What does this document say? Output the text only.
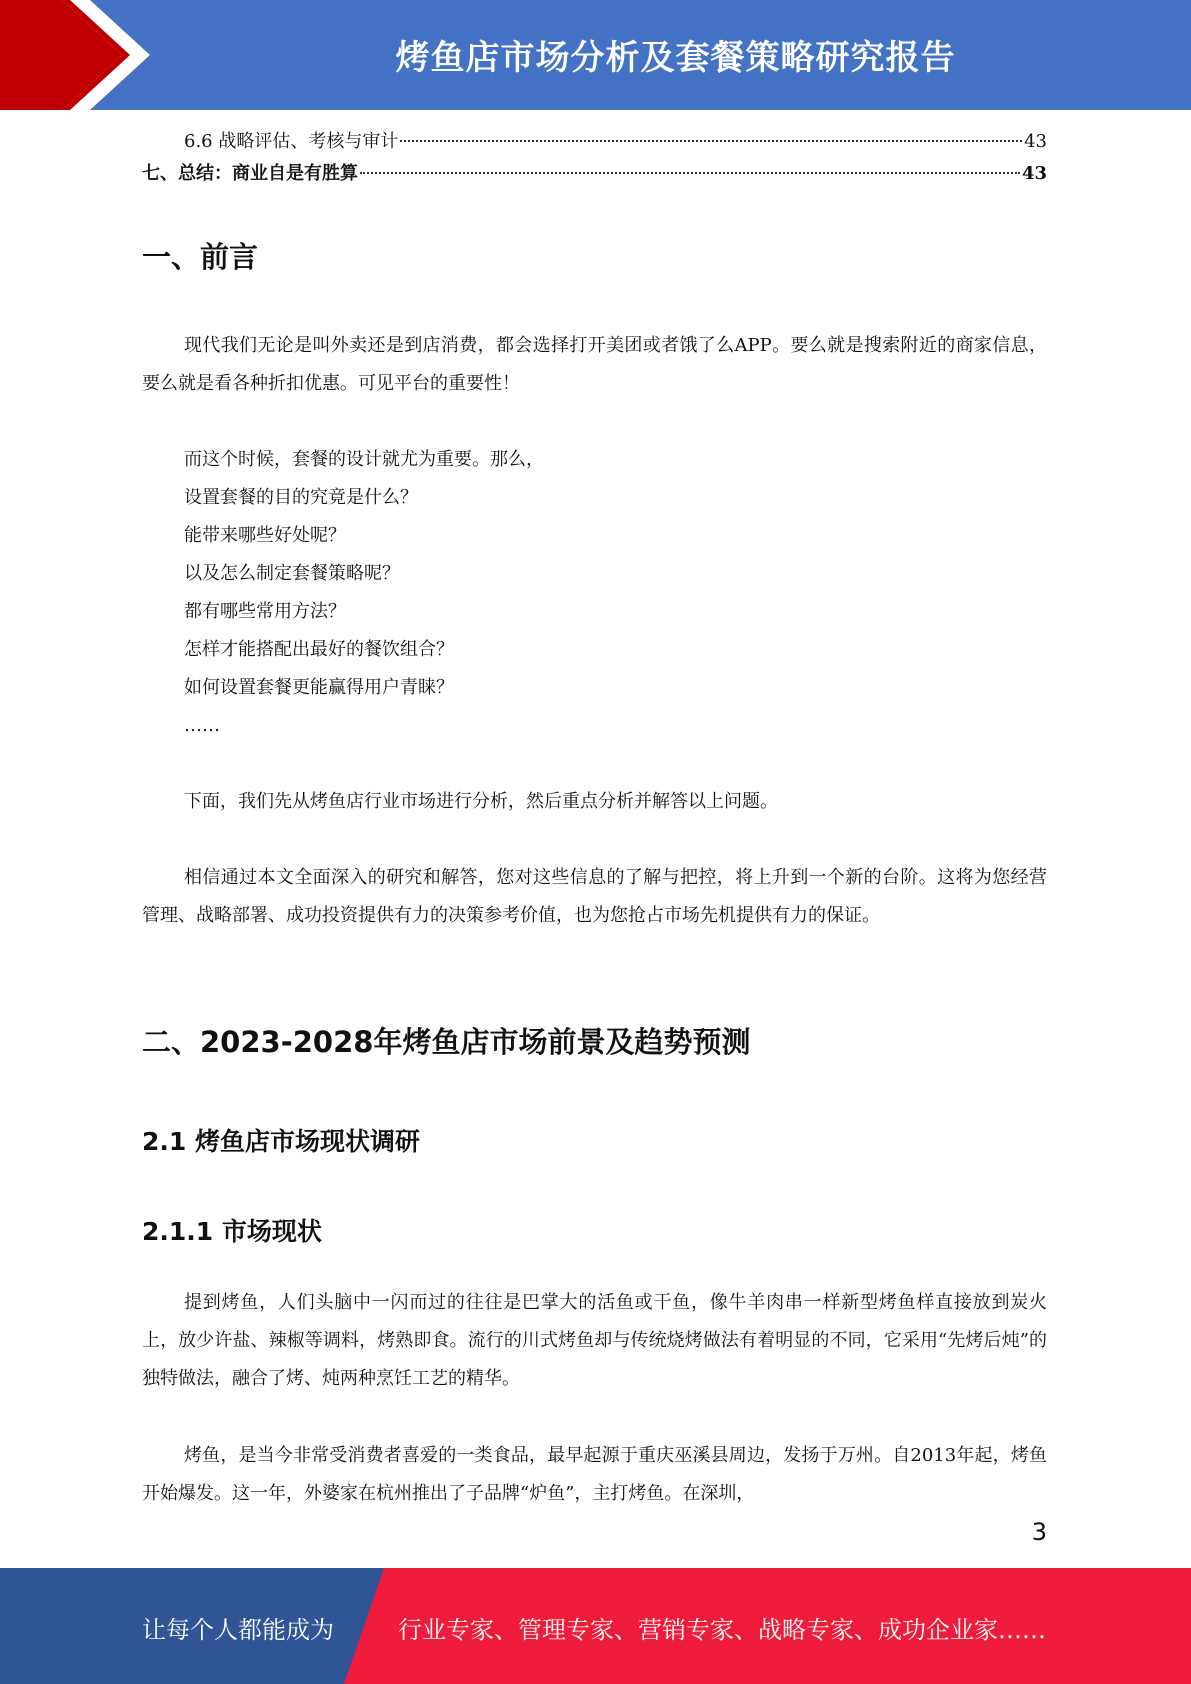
烤鱼店市场分析及套餐策略研究报告
6.6 战略评估、考核与审计	43
七、总结：商业自是有胜算	43
一、前言
现代我们无论是叫外卖还是到店消费，都会选择打开美团或者饿了么APP。要么就是搜索附近的商家信息，要么就是看各种折扣优惠。可见平台的重要性！
而这个时候，套餐的设计就尤为重要。那么，
设置套餐的目的究竟是什么？
能带来哪些好处呢？
以及怎么制定套餐策略呢？
都有哪些常用方法？
怎样才能搭配出最好的餐饮组合？
如何设置套餐更能赢得用户青睐？
……
下面，我们先从烤鱼店行业市场进行分析，然后重点分析并解答以上问题。
相信通过本文全面深入的研究和解答，您对这些信息的了解与把控，将上升到一个新的台阶。这将为您经营管理、战略部署、成功投资提供有力的决策参考价值，也为您抢占市场先机提供有力的保证。
二、2023-2028年烤鱼店市场前景及趋势预测
2.1 烤鱼店市场现状调研
2.1.1 市场现状
提到烤鱼，人们头脑中一闪而过的往往是巴掌大的活鱼或干鱼，像牛羊肉串一样新型烤鱼样直接放到炭火上，放少许盐、辣椒等调料，烤熟即食。流行的川式烤鱼却与传统烧烤做法有着明显的不同，它采用“先烤后炖”的独特做法，融合了烤、炖两种烹饪工艺的精华。
烤鱼，是当今非常受消费者喜爱的一类食品，最早起源于重庆巫溪县周边，发扬于万州。自2013年起，烤鱼开始爆发。这一年，外婆家在杭州推出了子品牌“炉鱼”，主打烤鱼。在深圳，
3
让每个人都能成为	行业专家、管理专家、营销专家、战略专家、成功企业家……
